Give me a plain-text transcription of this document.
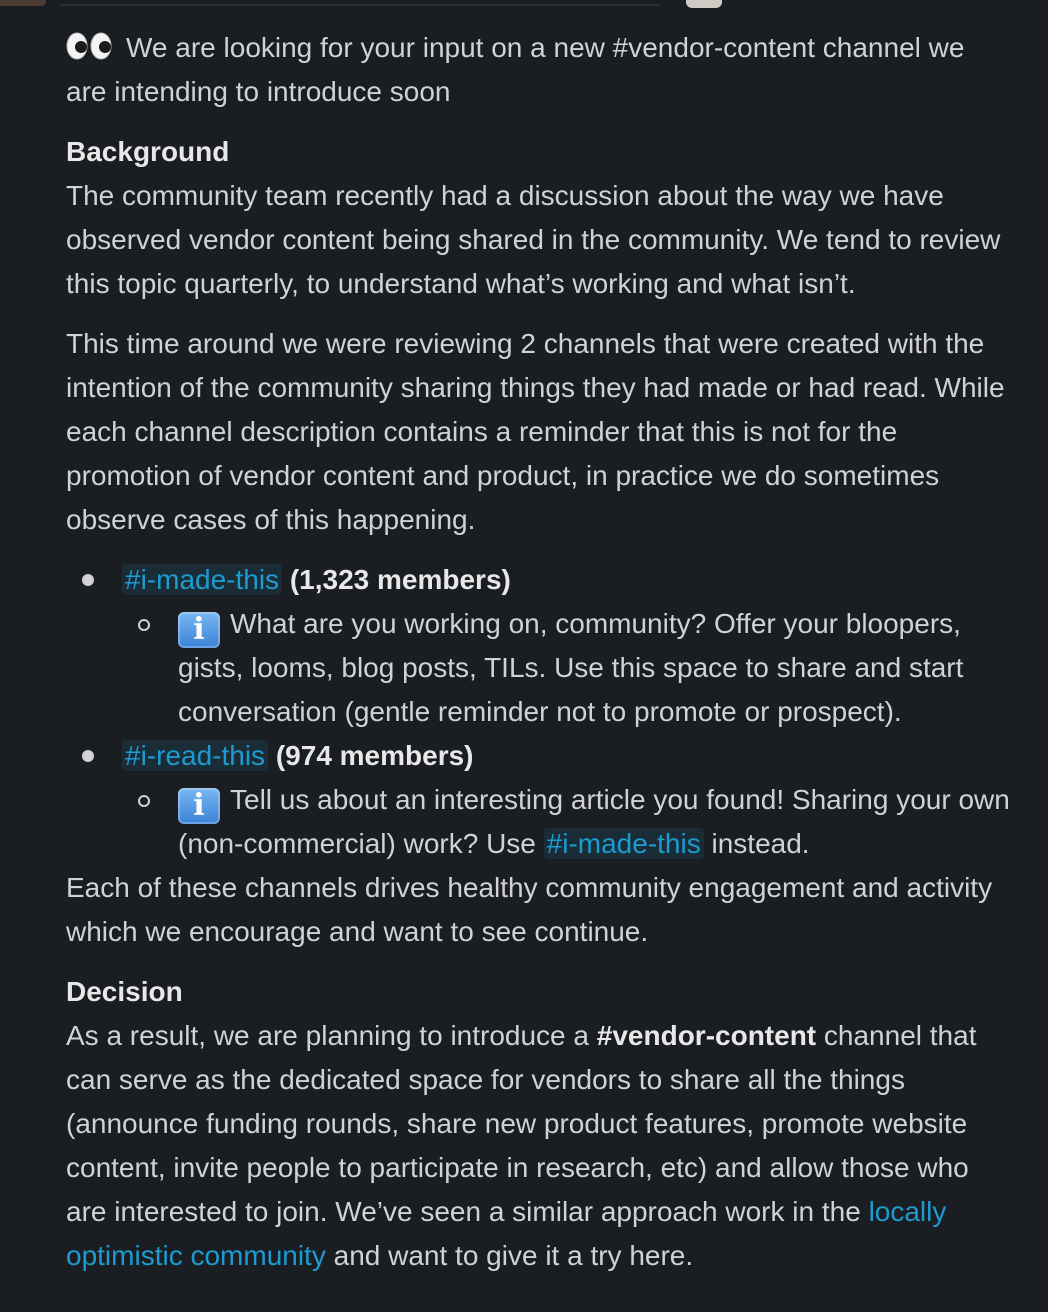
We are looking for your input on a new #vendor-content channel we
are intending to introduce soon

Background
The community team recently had a discussion about the way we have
observed vendor content being shared in the community. We tend to review
this topic quarterly, to understand what’s working and what isn’t.

This time around we were reviewing 2 channels that were created with the
intention of the community sharing things they had made or had read. While
each channel description contains a reminder that this is not for the
promotion of vendor content and product, in practice we do sometimes
observe cases of this happening.

#i-made-this (1,323 members)
i What are you working on, community? Offer your bloopers,
gists, looms, blog posts, TILs. Use this space to share and start
conversation (gentle reminder not to promote or prospect).
#i-read-this (974 members)
i Tell us about an interesting article you found! Sharing your own
(non-commercial) work? Use #i-made-this instead.

Each of these channels drives healthy community engagement and activity
which we encourage and want to see continue.

Decision
As a result, we are planning to introduce a #vendor-content channel that
can serve as the dedicated space for vendors to share all the things
(announce funding rounds, share new product features, promote website
content, invite people to participate in research, etc) and allow those who
are interested to join. We’ve seen a similar approach work in the locally
optimistic community and want to give it a try here.
